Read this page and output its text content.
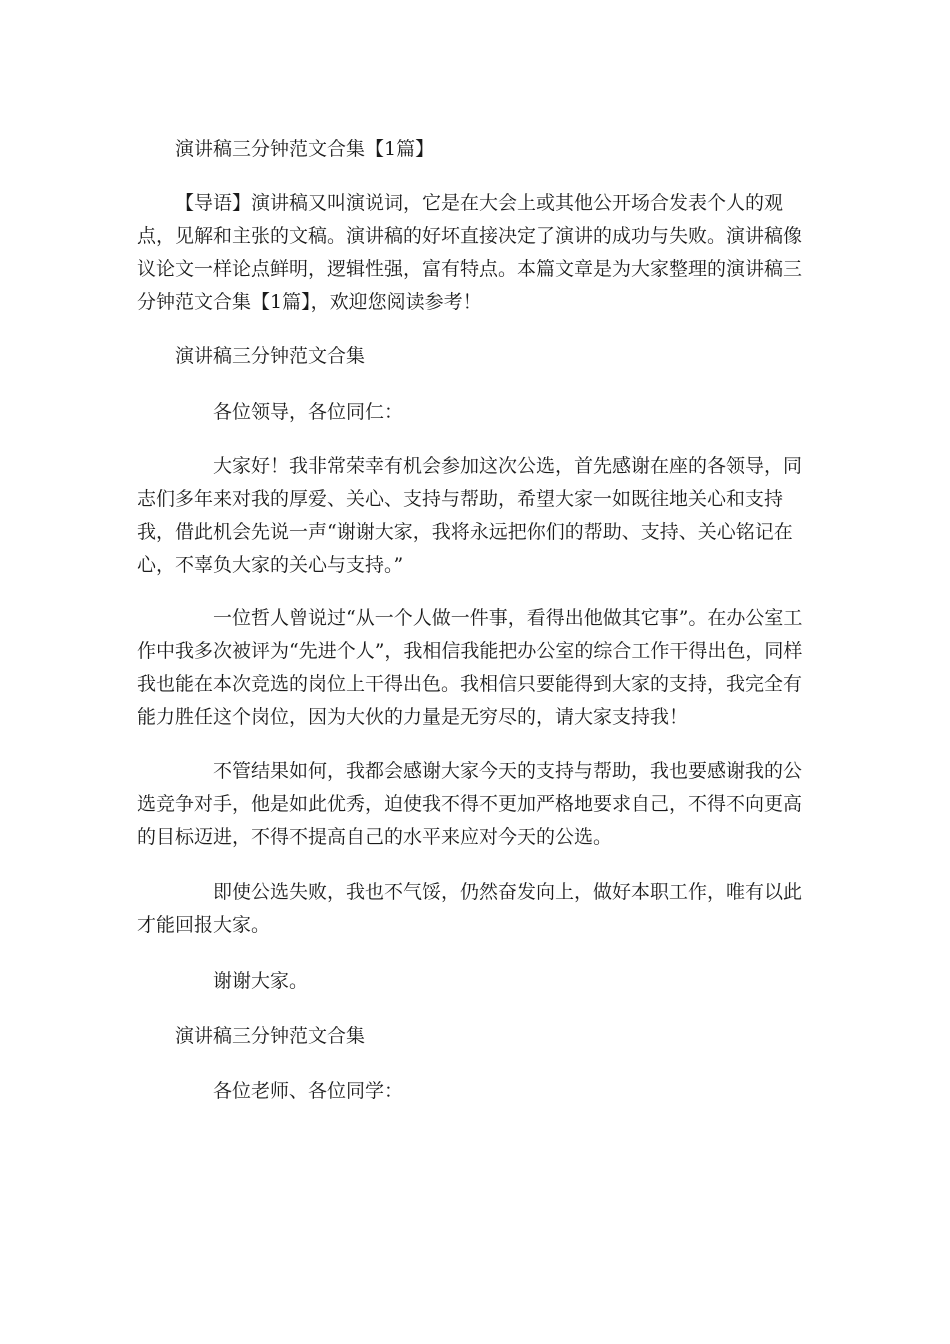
演讲稿三分钟范文合集【1篇】

【导语】演讲稿又叫演说词，它是在大会上或其他公开场合发表个人的观点，见解和主张的文稿。演讲稿的好坏直接决定了演讲的成功与失败。演讲稿像议论文一样论点鲜明，逻辑性强，富有特点。本篇文章是为大家整理的演讲稿三分钟范文合集【1篇】，欢迎您阅读参考！

演讲稿三分钟范文合集

各位领导，各位同仁：

大家好！我非常荣幸有机会参加这次公选，首先感谢在座的各领导，同志们多年来对我的厚爱、关心、支持与帮助，希望大家一如既往地关心和支持我，借此机会先说一声“谢谢大家，我将永远把你们的帮助、支持、关心铭记在心，不辜负大家的关心与支持。”

一位哲人曾说过“从一个人做一件事，看得出他做其它事”。在办公室工作中我多次被评为“先进个人”，我相信我能把办公室的综合工作干得出色，同样我也能在本次竞选的岗位上干得出色。我相信只要能得到大家的支持，我完全有能力胜任这个岗位，因为大伙的力量是无穷尽的，请大家支持我！

不管结果如何，我都会感谢大家今天的支持与帮助，我也要感谢我的公选竞争对手，他是如此优秀，迫使我不得不更加严格地要求自己，不得不向更高的目标迈进，不得不提高自己的水平来应对今天的公选。

即使公选失败，我也不气馁，仍然奋发向上，做好本职工作，唯有以此才能回报大家。

谢谢大家。

演讲稿三分钟范文合集

各位老师、各位同学：
